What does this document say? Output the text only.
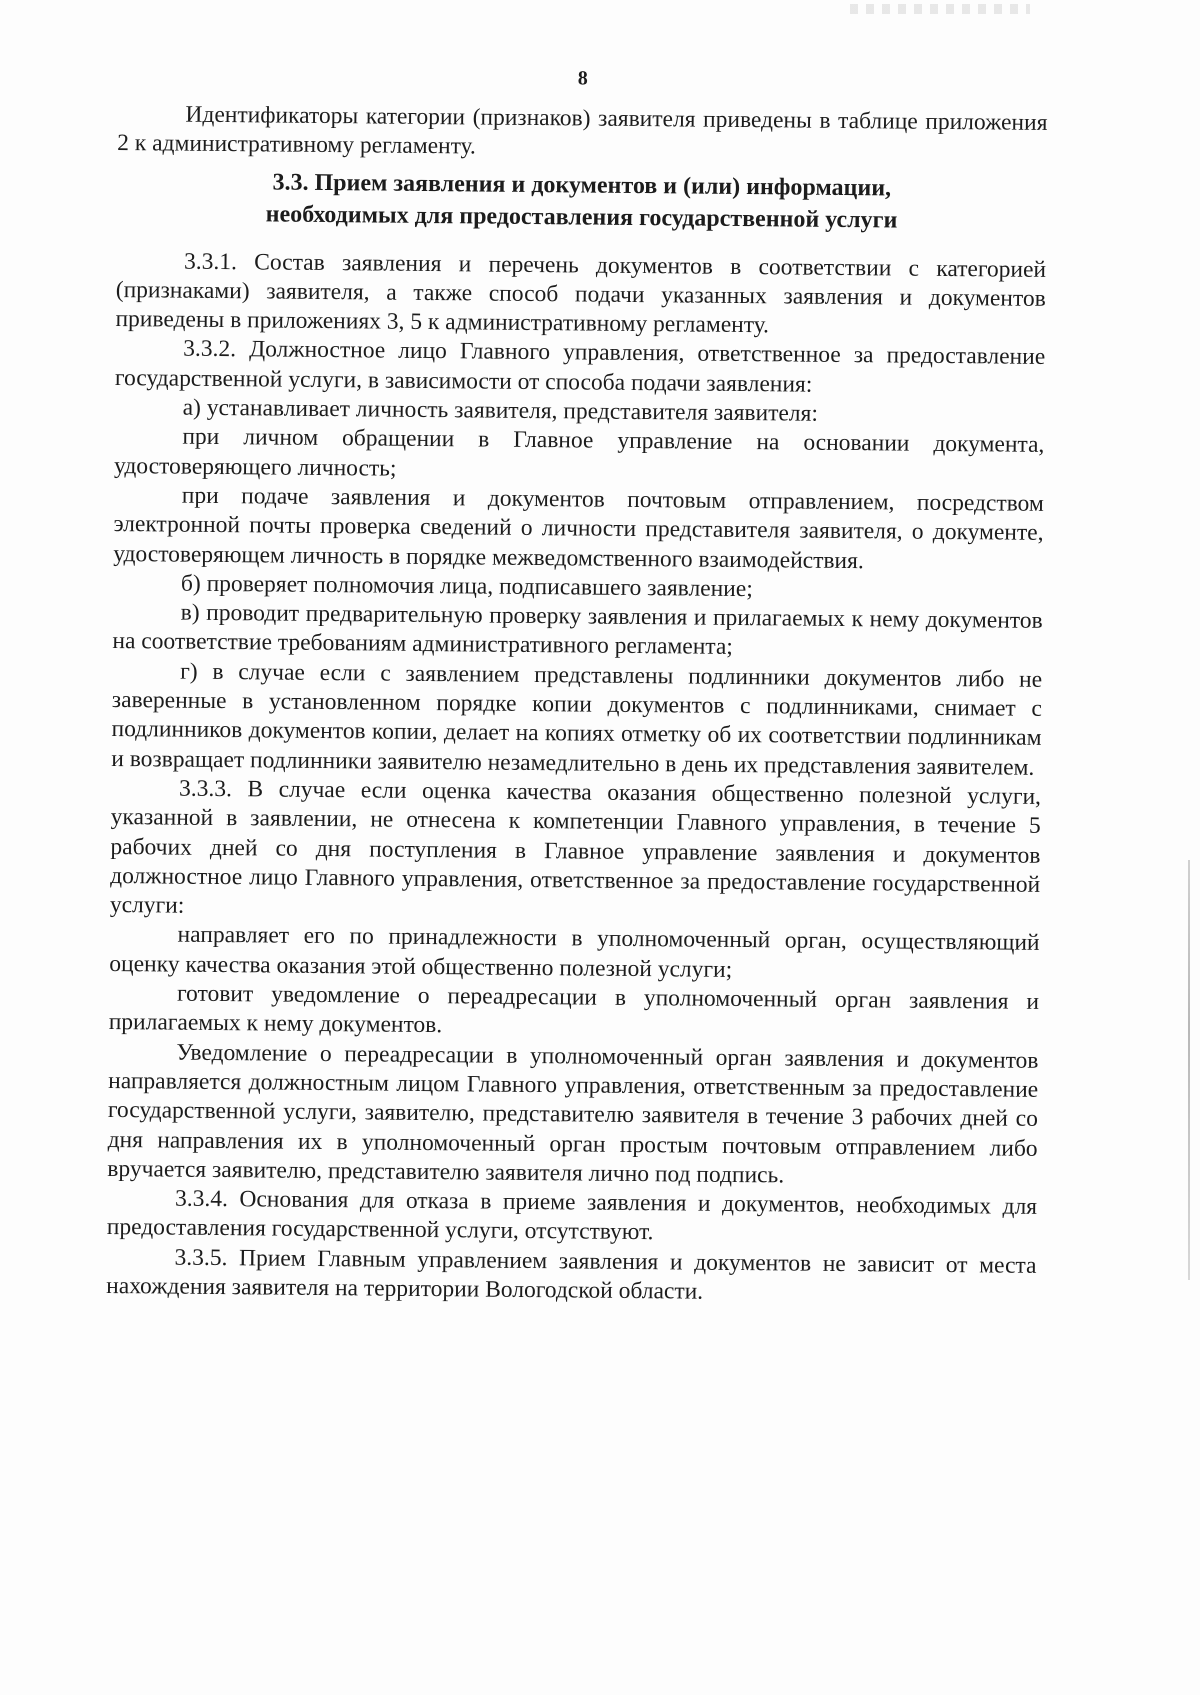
8

Идентификаторы категории (признаков) заявителя приведены в таблице приложения 2 к административному регламенту.

3.3. Прием заявления и документов и (или) информации,
необходимых для предоставления государственной услуги

3.3.1. Состав заявления и перечень документов в соответствии с категорией (признаками) заявителя, а также способ подачи указанных заявления и документов приведены в приложениях 3, 5 к административному регламенту.

3.3.2. Должностное лицо Главного управления, ответственное за предоставление государственной услуги, в зависимости от способа подачи заявления:

а) устанавливает личность заявителя, представителя заявителя:

при личном обращении в Главное управление на основании документа, удостоверяющего личность;

при подаче заявления и документов почтовым отправлением, посредством электронной почты проверка сведений о личности представителя заявителя, о документе, удостоверяющем личность в порядке межведомственного взаимодействия.

б) проверяет полномочия лица, подписавшего заявление;

в) проводит предварительную проверку заявления и прилагаемых к нему документов на соответствие требованиям административного регламента;

г) в случае если с заявлением представлены подлинники документов либо не заверенные в установленном порядке копии документов с подлинниками, снимает с подлинников документов копии, делает на копиях отметку об их соответствии подлинникам и возвращает подлинники заявителю незамедлительно в день их представления заявителем.

3.3.3. В случае если оценка качества оказания общественно полезной услуги, указанной в заявлении, не отнесена к компетенции Главного управления, в течение 5 рабочих дней со дня поступления в Главное управление заявления и документов должностное лицо Главного управления, ответственное за предоставление государственной услуги:

направляет его по принадлежности в уполномоченный орган, осуществляющий оценку качества оказания этой общественно полезной услуги;

готовит уведомление о переадресации в уполномоченный орган заявления и прилагаемых к нему документов.

Уведомление о переадресации в уполномоченный орган заявления и документов направляется должностным лицом Главного управления, ответственным за предоставление государственной услуги, заявителю, представителю заявителя в течение 3 рабочих дней со дня направления их в уполномоченный орган простым почтовым отправлением либо вручается заявителю, представителю заявителя лично под подпись.

3.3.4. Основания для отказа в приеме заявления и документов, необходимых для предоставления государственной услуги, отсутствуют.

3.3.5. Прием Главным управлением заявления и документов не зависит от места нахождения заявителя на территории Вологодской области.
